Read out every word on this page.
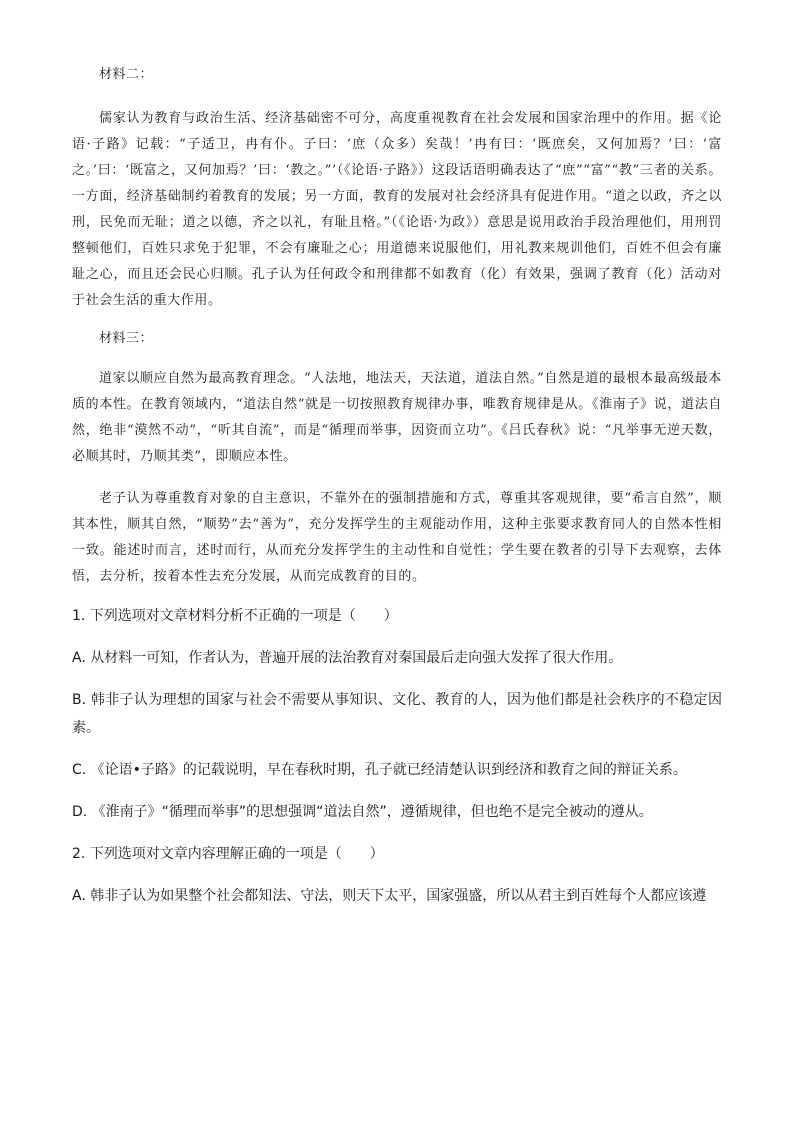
材料二：

儒家认为教育与政治生活、经济基础密不可分，高度重视教育在社会发展和国家治理中的作用。据《论语·子路》记载：“子适卫，冉有仆。子曰：‘庶（众多）矣哉！’冉有曰：‘既庶矣，又何加焉？’曰：‘富之。’曰：‘既富之，又何加焉？’曰：‘教之。”’（《论语·子路》）这段话语明确表达了“庶”“富”“教”三者的关系。一方面，经济基础制约着教育的发展；另一方面，教育的发展对社会经济具有促进作用。“道之以政，齐之以刑，民免而无耻；道之以德，齐之以礼，有耻且格。”（《论语·为政》）意思是说用政治手段治理他们，用刑罚整顿他们，百姓只求免于犯罪，不会有廉耻之心；用道德来说服他们，用礼教来规训他们，百姓不但会有廉耻之心，而且还会民心归顺。孔子认为任何政令和刑律都不如教育（化）有效果，强调了教育（化）活动对于社会生活的重大作用。

材料三：

道家以顺应自然为最高教育理念。“人法地，地法天，天法道，道法自然。”自然是道的最根本最高级最本质的本性。在教育领域内，“道法自然”就是一切按照教育规律办事，唯教育规律是从。《淮南子》说，道法自然，绝非“漠然不动”，“听其自流”，而是“循理而举事，因资而立功”。《吕氏春秋》说：“凡举事无逆天数，必顺其时，乃顺其类”，即顺应本性。

老子认为尊重教育对象的自主意识，不靠外在的强制措施和方式，尊重其客观规律，要“希言自然”，顺其本性，顺其自然，“顺势”去“善为”，充分发挥学生的主观能动作用，这种主张要求教育同人的自然本性相一致。能述时而言，述时而行，从而充分发挥学生的主动性和自觉性；学生要在教者的引导下去观察，去体悟，去分析，按着本性去充分发展，从而完成教育的目的。

1. 下列选项对文章材料分析不正确的一项是（　　）

A. 从材料一可知，作者认为，普遍开展的法治教育对秦国最后走向强大发挥了很大作用。

B. 韩非子认为理想的国家与社会不需要从事知识、文化、教育的人，因为他们都是社会秩序的不稳定因素。

C. 《论语•子路》的记载说明，早在春秋时期，孔子就已经清楚认识到经济和教育之间的辩证关系。

D. 《淮南子》“循理而举事”的思想强调“道法自然”，遵循规律，但也绝不是完全被动的遵从。

2. 下列选项对文章内容理解正确的一项是（　　）

A. 韩非子认为如果整个社会都知法、守法，则天下太平，国家强盛，所以从君主到百姓每个人都应该遵
